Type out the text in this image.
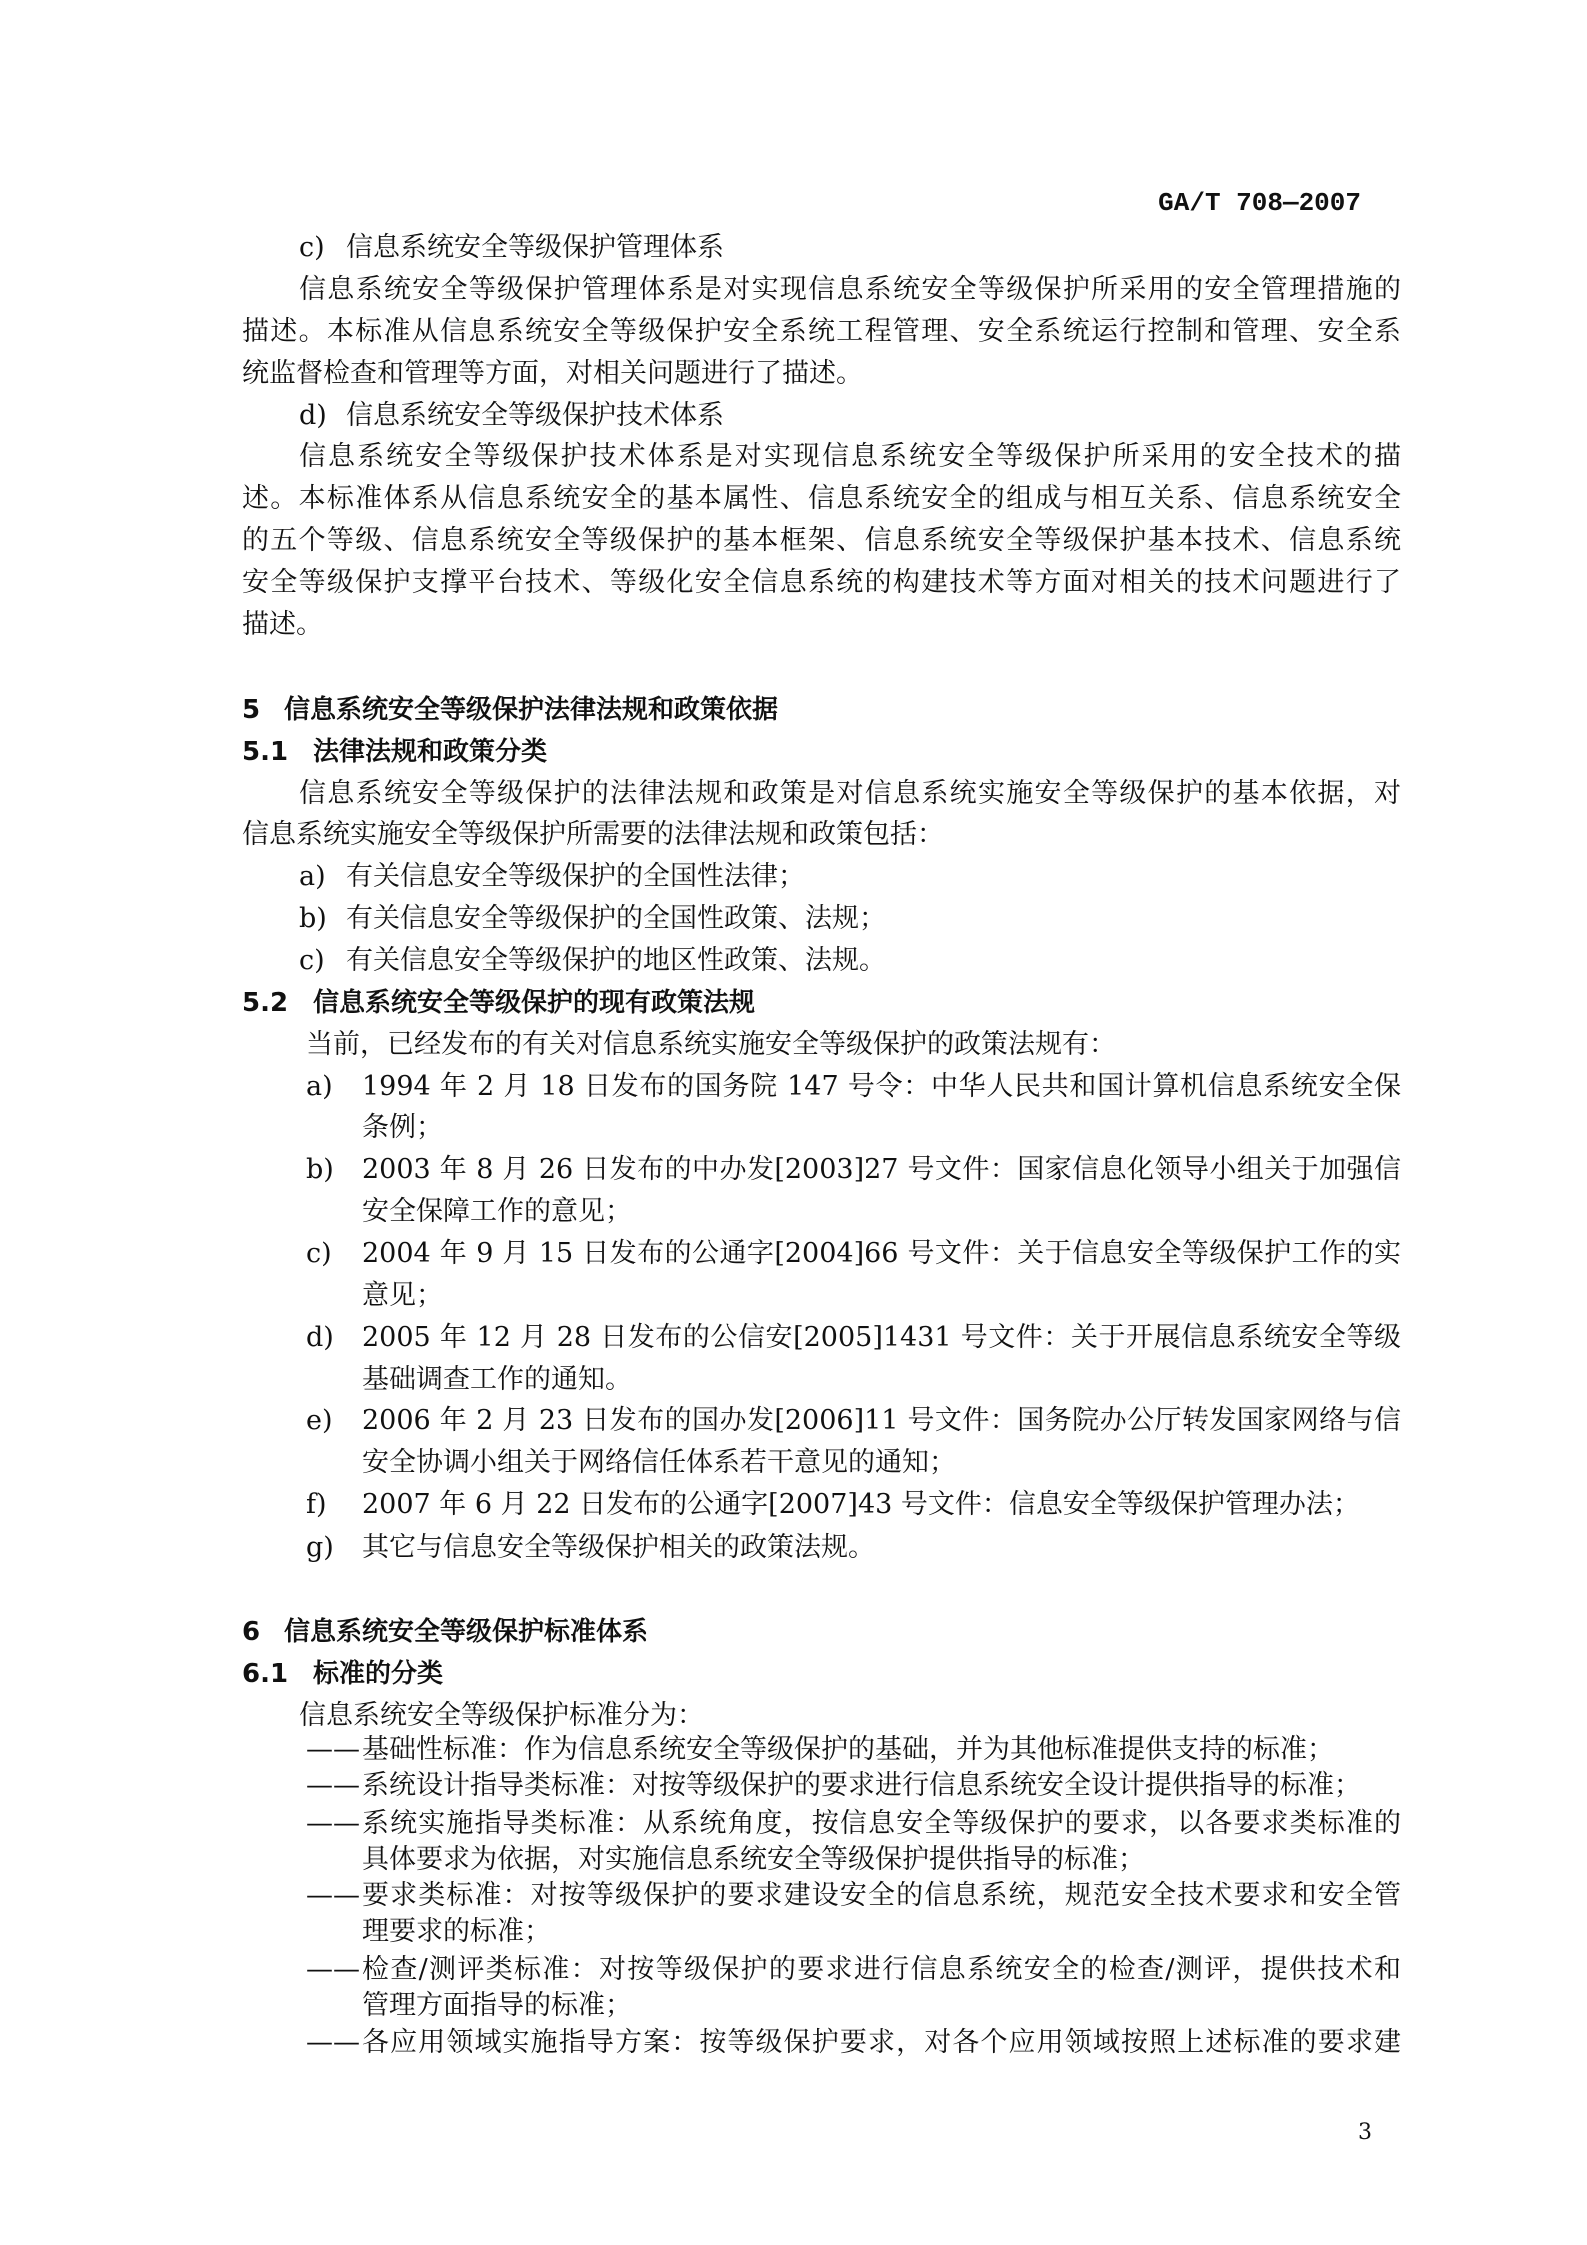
GA/T 708—2007
c) 信息系统安全等级保护管理体系
信息系统安全等级保护管理体系是对实现信息系统安全等级保护所采用的安全管理措施的
描述。本标准从信息系统安全等级保护安全系统工程管理、安全系统运行控制和管理、安全系
统监督检查和管理等方面，对相关问题进行了描述。
d) 信息系统安全等级保护技术体系
信息系统安全等级保护技术体系是对实现信息系统安全等级保护所采用的安全技术的描
述。本标准体系从信息系统安全的基本属性、信息系统安全的组成与相互关系、信息系统安全
的五个等级、信息系统安全等级保护的基本框架、信息系统安全等级保护基本技术、信息系统
安全等级保护支撑平台技术、等级化安全信息系统的构建技术等方面对相关的技术问题进行了
描述。
5 信息系统安全等级保护法律法规和政策依据
5.1 法律法规和政策分类
信息系统安全等级保护的法律法规和政策是对信息系统实施安全等级保护的基本依据，对
信息系统实施安全等级保护所需要的法律法规和政策包括：
a) 有关信息安全等级保护的全国性法律；
b) 有关信息安全等级保护的全国性政策、法规；
c) 有关信息安全等级保护的地区性政策、法规。
5.2 信息系统安全等级保护的现有政策法规
当前，已经发布的有关对信息系统实施安全等级保护的政策法规有：
a) 1994 年 2 月 18 日发布的国务院 147 号令：中华人民共和国计算机信息系统安全保
条例；
b) 2003 年 8 月 26 日发布的中办发[2003]27 号文件：国家信息化领导小组关于加强信
安全保障工作的意见；
c) 2004 年 9 月 15 日发布的公通字[2004]66 号文件：关于信息安全等级保护工作的实
意见；
d) 2005 年 12 月 28 日发布的公信安[2005]1431 号文件：关于开展信息系统安全等级
基础调查工作的通知。
e) 2006 年 2 月 23 日发布的国办发[2006]11 号文件：国务院办公厅转发国家网络与信
安全协调小组关于网络信任体系若干意见的通知；
f) 2007 年 6 月 22 日发布的公通字[2007]43 号文件：信息安全等级保护管理办法；
g) 其它与信息安全等级保护相关的政策法规。
6 信息系统安全等级保护标准体系
6.1 标准的分类
信息系统安全等级保护标准分为：
—— 基础性标准：作为信息系统安全等级保护的基础，并为其他标准提供支持的标准；
—— 系统设计指导类标准：对按等级保护的要求进行信息系统安全设计提供指导的标准；
—— 系统实施指导类标准：从系统角度，按信息安全等级保护的要求，以各要求类标准的
具体要求为依据，对实施信息系统安全等级保护提供指导的标准；
—— 要求类标准：对按等级保护的要求建设安全的信息系统，规范安全技术要求和安全管
理要求的标准；
—— 检查/测评类标准：对按等级保护的要求进行信息系统安全的检查/测评，提供技术和
管理方面指导的标准；
—— 各应用领域实施指导方案：按等级保护要求，对各个应用领域按照上述标准的要求建
3
